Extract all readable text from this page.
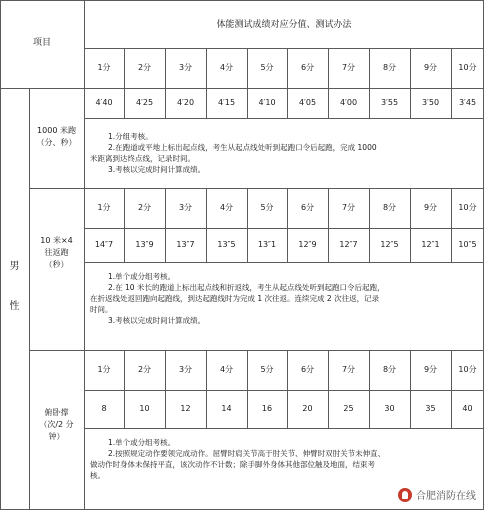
项目
体能测试成绩对应分值、测试办法
1分	2分	3分	4分	5分	6分	7分	8分	9分	10分
男
性
1000 米跑
（分、秒）
4′40	4′25	4′20	4′15	4′10	4′05	4′00	3′55	3′50	3′45
1.分组考核。
2.在跑道或平地上标出起点线，考生从起点线处听到起跑口令后起跑，完成 1000
米距离到达终点线，记录时间。
3.考核以完成时间计算成绩。
10 米×4
往返跑
（秒）
1分	2分	3分	4分	5分	6分	7分	8分	9分	10分
14″7	13″9	13″7	13″5	13″1	12″9	12″7	12″5	12″1	10″5
1.单个或分组考核。
2.在 10 米长的跑道上标出起点线和折返线，考生从起点线处听到起跑口令后起跑，
在折返线处返回跑向起跑线，到达起跑线时为完成 1 次往返。连续完成 2 次往返，记录
时间。
3.考核以完成时间计算成绩。
俯卧撑
（次/2 分
钟）
1分	2分	3分	4分	5分	6分	7分	8分	9分	10分
8	10	12	14	16	20	25	30	35	40
1.单个或分组考核。
2.按照规定动作要领完成动作。屈臂时肩关节高于肘关节、伸臂时双肘关节未伸直、
做动作时身体未保持平直，该次动作不计数；除手脚外身体其他部位触及地面，结束考
核。
合肥消防在线
